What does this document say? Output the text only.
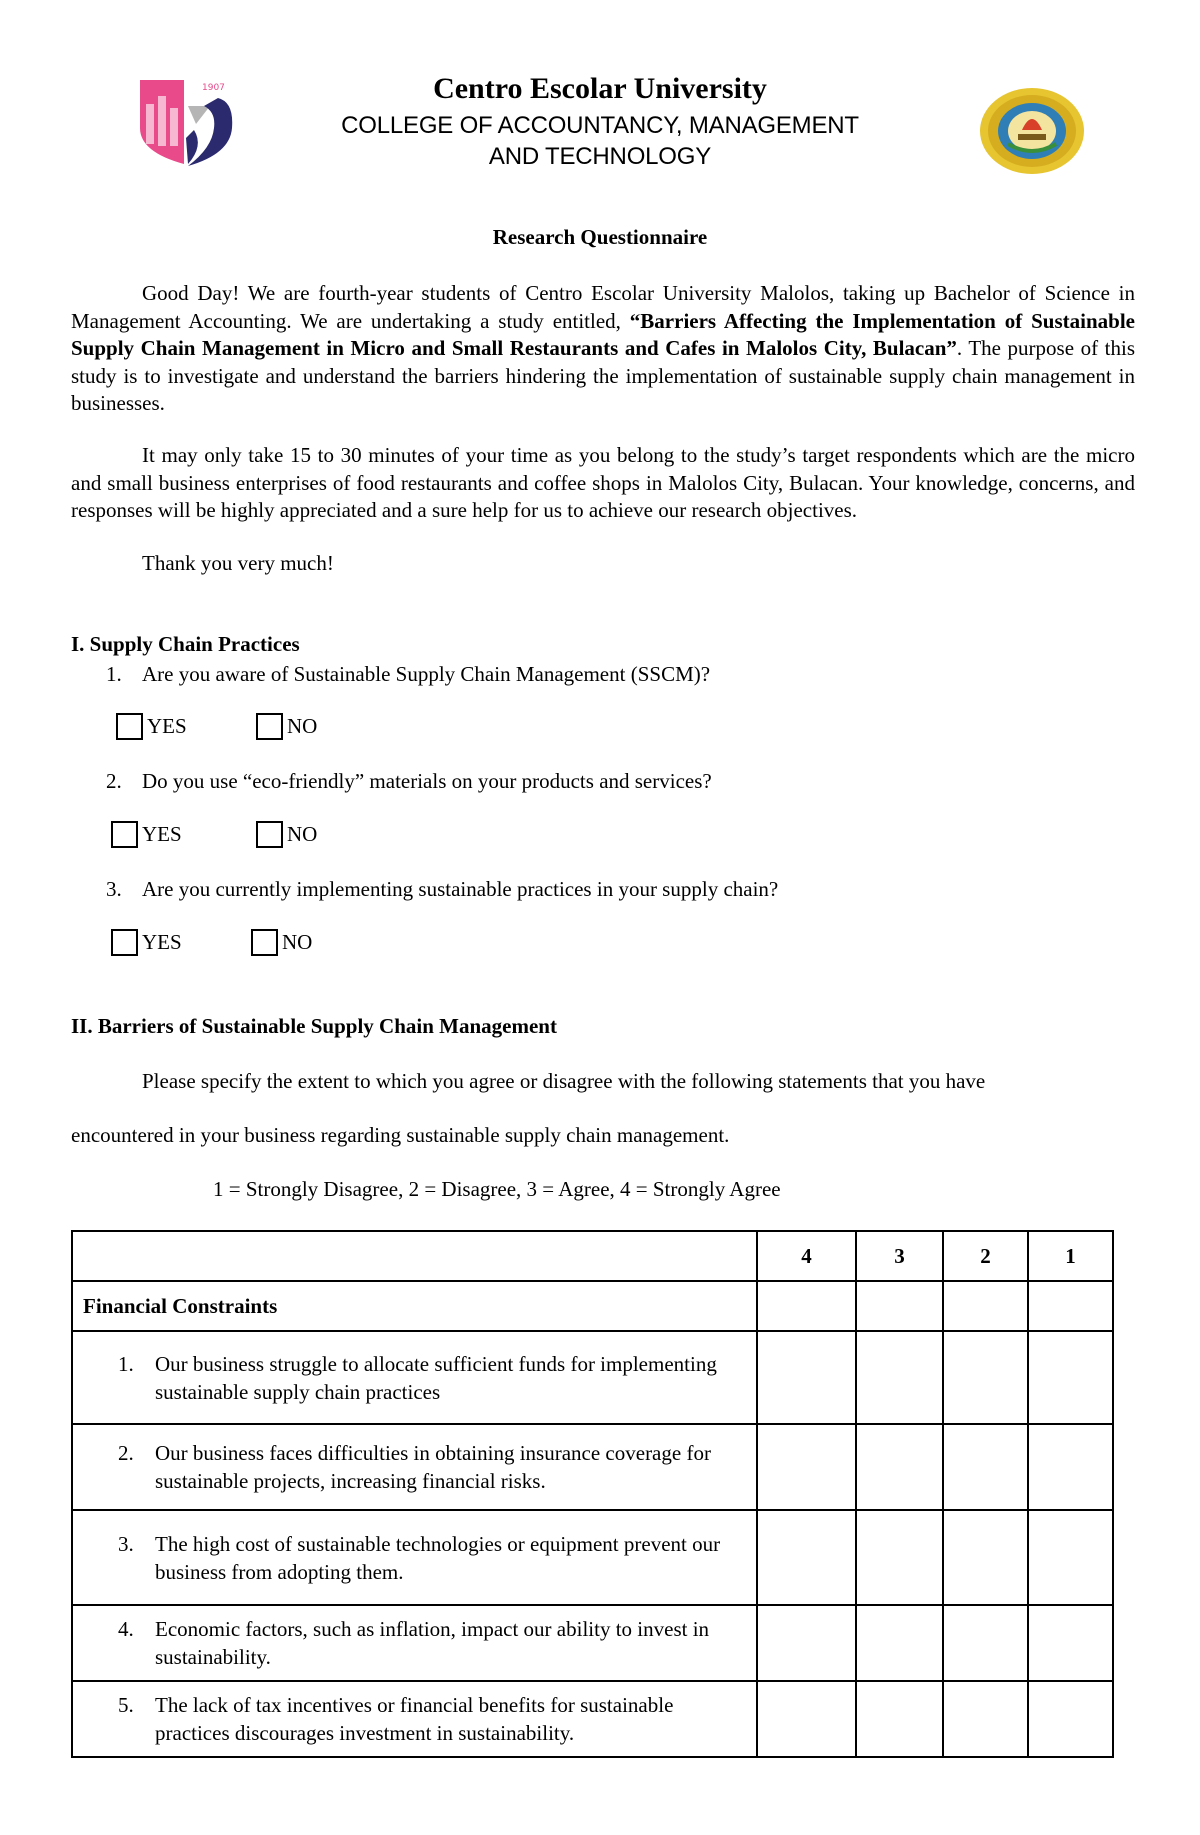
1907	Centro Escolar University
COLLEGE OF ACCOUNTANCY, MANAGEMENT
AND TECHNOLOGY
Research Questionnaire

Good Day! We are fourth-year students of Centro Escolar University Malolos, taking up Bachelor of Science in Management Accounting. We are undertaking a study entitled, “Barriers Affecting the Implementation of Sustainable Supply Chain Management in Micro and Small Restaurants and Cafes in Malolos City, Bulacan”. The purpose of this study is to investigate and understand the barriers hindering the implementation of sustainable supply chain management in businesses.

It may only take 15 to 30 minutes of your time as you belong to the study’s target respondents which are the micro and small business enterprises of food restaurants and coffee shops in Malolos City, Bulacan. Your knowledge, concerns, and responses will be highly appreciated and a sure help for us to achieve our research objectives.

Thank you very much!
I. Supply Chain Practices
1. Are you aware of Sustainable Supply Chain Management (SSCM)?
YES	NO
2. Do you use “eco-friendly” materials on your products and services?
YES	NO
3. Are you currently implementing sustainable practices in your supply chain?
YES	NO
II. Barriers of Sustainable Supply Chain Management
Please specify the extent to which you agree or disagree with the following statements that you have
encountered in your business regarding sustainable supply chain management.
1 = Strongly Disagree, 2 = Disagree, 3 = Agree, 4 = Strongly Agree
	4	3	2	1
Financial Constraints				

1. Our business struggle to allocate sufficient funds for implementing sustainable supply chain practices				

2. Our business faces difficulties in obtaining insurance coverage for sustainable projects, increasing financial risks.				

3. The high cost of sustainable technologies or equipment prevent our business from adopting them.				

4. Economic factors, such as inflation, impact our ability to invest in sustainability.				

5. The lack of tax incentives or financial benefits for sustainable practices discourages investment in sustainability.				
